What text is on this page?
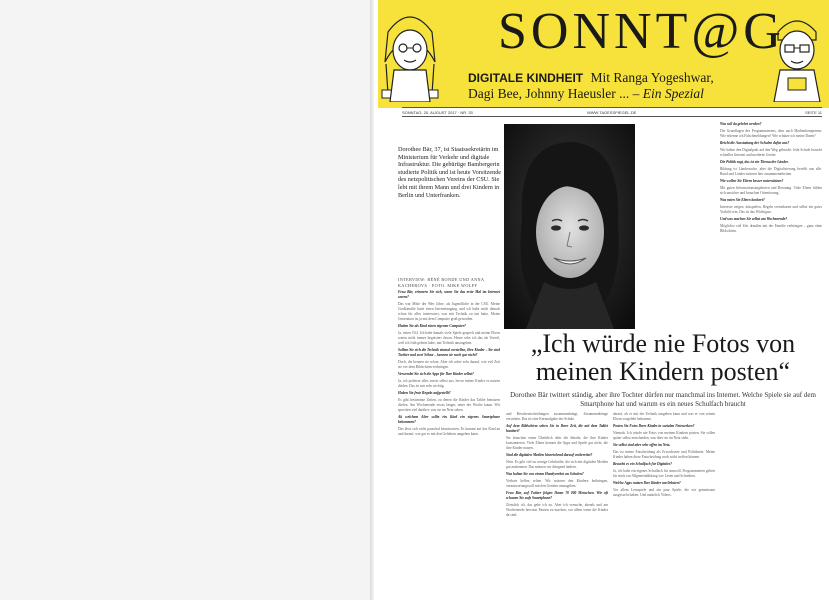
SONNT@G
DIGITALE KINDHEIT Mit Ranga Yogeshwar,
Dagi Bee, Johnny Haeusler ... – Ein Spezial
SONNTAG, 20. AUGUST 2017 · NR. 33	WWW.TAGESSPIEGEL.DE	SEITE 11
Dorothee Bär, 37, ist Staatssekretärin im Ministerium für Verkehr und digitale Infrastruktur. Die gebürtige Bambergerin studierte Politik und ist heute Vorsitzende des netzpolitischen Vereins der CSU. Sie lebt mit ihrem Mann und drei Kindern in Berlin und Unterfranken.
INTERVIEW: BÉNÉ RONDE UND ANNA KACHEBOVS · FOTO: MIKE WOLFF
„Ich würde nie Fotos von meinen Kindern posten“
Dorothee Bär twittert ständig, aber ihre Tochter dürfen nur manchmal ins Internet. Welche Spiele sie auf dem Smartphone hat und warum es ein neues Schulfach braucht

Frau Bär, erinnern Sie sich, wann Sie das erste Mal im Internet waren?

Das war Mitte der 90er Jahre, als Jugendliche in der CSU. Meine Großfamilie hatte einen Internetzugang, und ich habe mich damals schon für alles interessiert, was mit Technik zu tun hatte. Meine Generation ist ja mit dem Computer groß geworden.

Hatten Sie als Kind einen eigenen Computer?

Ja, einen C64. Ich habe damals viele Spiele gespielt und meine Eltern waren nicht immer begeistert davon. Heute sehe ich das als Vorteil, weil ich früh gelernt habe, mit Technik umzugehen.

Sollten Sie sich die Technik einmal vorstellen, Ihre Kinder – Sie sind Tochter und zwei Söhne – kennen sie noch gar nicht?

Doch, die kennen sie schon. Aber ich achte sehr darauf, wie viel Zeit sie vor dem Bildschirm verbringen.

Verwendet Sie sich die Apps für Ihre Kinder selbst?

Ja, ich probiere alles zuerst selbst aus, bevor meine Kinder es nutzen dürfen. Das ist mir sehr wichtig.

Haben Sie feste Regeln aufgestellt?

Es gibt bestimmte Zeiten, zu denen die Kinder das Tablet benutzen dürfen. Am Wochenende etwas länger, unter der Woche kaum. Wir sprechen viel darüber, was sie im Netz sehen.

Ab welchem Alter sollte ein Kind ein eigenes Smartphone bekommen?

Das lässt sich nicht pauschal beantworten. Es kommt auf das Kind an und darauf, wie gut es mit den Gefahren umgehen kann.

und Berufsentscheidungen zusammenhängt, Zusammenhänge verstehen. Das ist eine Kernaufgabe der Schule.

Auf dem Bildschirm sehen Sie in Ihrer Zeit, die mit dem Tablet hantiert?

Sie brauchen einen Überblick über die Inhalte, die ihre Kinder konsumieren. Viele Eltern kennen die Apps und Spiele gar nicht, die ihre Kinder nutzen.

Sind die digitalen Medien hinreichend darauf vorbereitet?

Nein. Es gibt viel zu wenige Lehrkräfte, die sich mit digitalen Medien gut auskennen. Das müssen wir dringend ändern.

Was halten Sie von einem Handyverbot an Schulen?

Verbote helfen selten. Wir müssen den Kindern beibringen, verantwortungsvoll mit den Geräten umzugehen.

Frau Bär, auf Twitter folgen Ihnen 70 000 Menschen. Wie oft schauen Sie aufs Smartphone?

Ziemlich oft, das gebe ich zu. Aber ich versuche, abends und am Wochenende bewusst Pausen zu machen, vor allem wenn die Kinder da sind.

darauf, ob er mit der Technik umgehen kann und was er von seinen Eltern vorgelebt bekommt.

Posten Sie Fotos Ihrer Kinder in sozialen Netzwerken?

Niemals. Ich würde nie Fotos von meinen Kindern posten. Sie sollen später selbst entscheiden, was über sie im Netz steht.

Sie selbst sind aber sehr offen im Netz.

Das ist meine Entscheidung als Erwachsene und Politikerin. Meine Kinder haben diese Entscheidung noch nicht treffen können.

Braucht es ein Schulfach für Digitales?

Ja, ich halte ein eigenes Schulfach für sinnvoll. Programmieren gehört für mich zur Allgemeinbildung wie Lesen und Schreiben.

Welche Apps nutzen Ihre Kinder am liebsten?

Vor allem Lernspiele und ein paar Spiele, die wir gemeinsam ausgesucht haben. Und natürlich Videos.

Was soll da gelehrt werden?

Die Grundlagen des Programmierens, aber auch Medienkompetenz: Wie erkenne ich Falschmeldungen? Wie schütze ich meine Daten?

Reicht die Ausstattung der Schulen dafür aus?

Wir haben den Digitalpakt auf den Weg gebracht. Jede Schule braucht schnelles Internet und moderne Geräte.

Die Politik sagt, das ist ein Thema der Länder.

Bildung ist Ländersache, aber die Digitalisierung betrifft uns alle. Bund und Länder müssen hier zusammenarbeiten.

Wie wollen Sie Eltern besser unterstützen?

Mit guten Informationsangeboten und Beratung. Viele Eltern fühlen sich unsicher und brauchen Orientierung.

Was raten Sie Eltern konkret?

Interesse zeigen, mitspielen, Regeln vereinbaren und selbst ein gutes Vorbild sein. Das ist das Wichtigste.

Und was machen Sie selbst am Wochenende?

Möglichst viel Zeit draußen mit der Familie verbringen – ganz ohne Bildschirm.
